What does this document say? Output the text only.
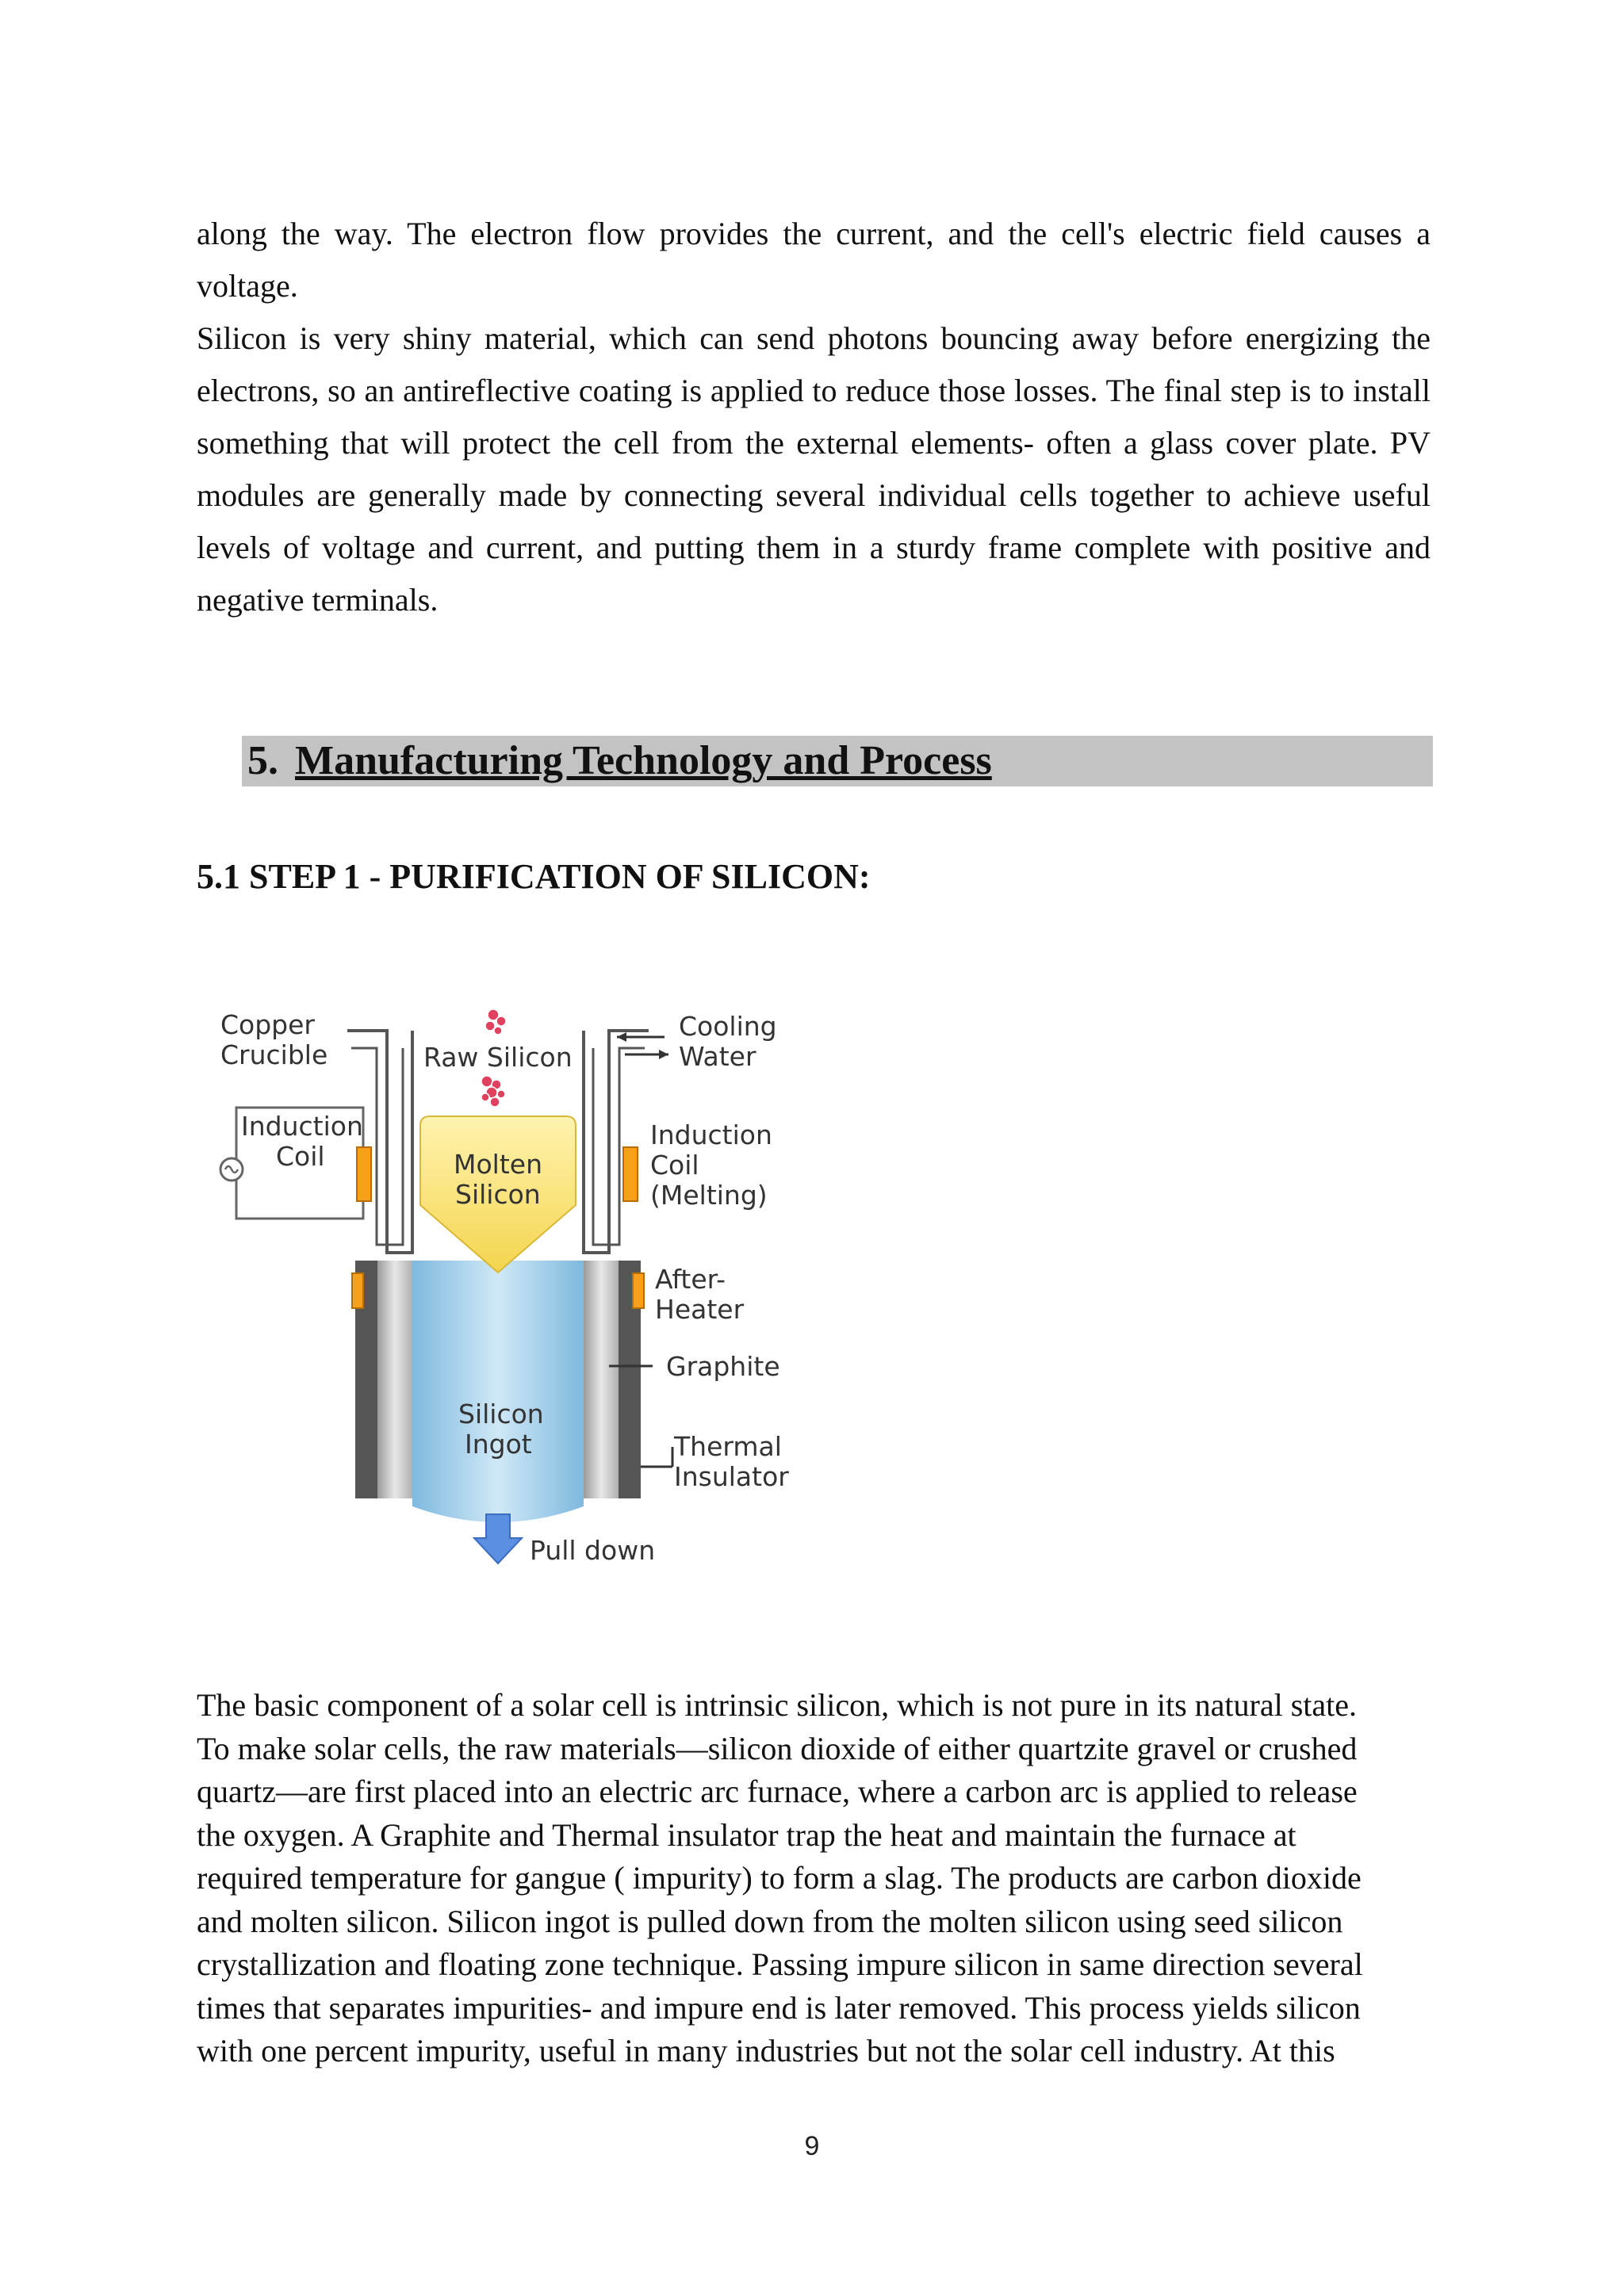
along the way. The electron flow provides the current, and the cell's electric field causes a voltage.

Silicon is very shiny material, which can send photons bouncing away before energizing the electrons, so an antireflective coating is applied to reduce those losses. The final step is to install something that will protect the cell from the external elements- often a glass cover plate. PV modules are generally made by connecting several individual cells together to achieve useful levels of voltage and current, and putting them in a sturdy frame complete with positive and negative terminals.

5. Manufacturing Technology and Process
5.1 STEP 1 - PURIFICATION OF SILICON:
Copper
Crucible	Raw Silicon
Cooling
Water
Induction
Coil	Molten
Silicon
Induction
Coil
(Melting)
After-
Heater
Graphite
Silicon
Ingot	Thermal
Insulator
Pull down
The basic component of a solar cell is intrinsic silicon, which is not pure in its natural state.
To make solar cells, the raw materials—silicon dioxide of either quartzite gravel or crushed
quartz—are first placed into an electric arc furnace, where a carbon arc is applied to release
the oxygen. A Graphite and Thermal insulator trap the heat and maintain the furnace at
required temperature for gangue ( impurity) to form a slag. The products are carbon dioxide
and molten silicon. Silicon ingot is pulled down from the molten silicon using seed silicon
crystallization and floating zone technique. Passing impure silicon in same direction several
times that separates impurities- and impure end is later removed. This process yields silicon
with one percent impurity, useful in many industries but not the solar cell industry. At this
9
